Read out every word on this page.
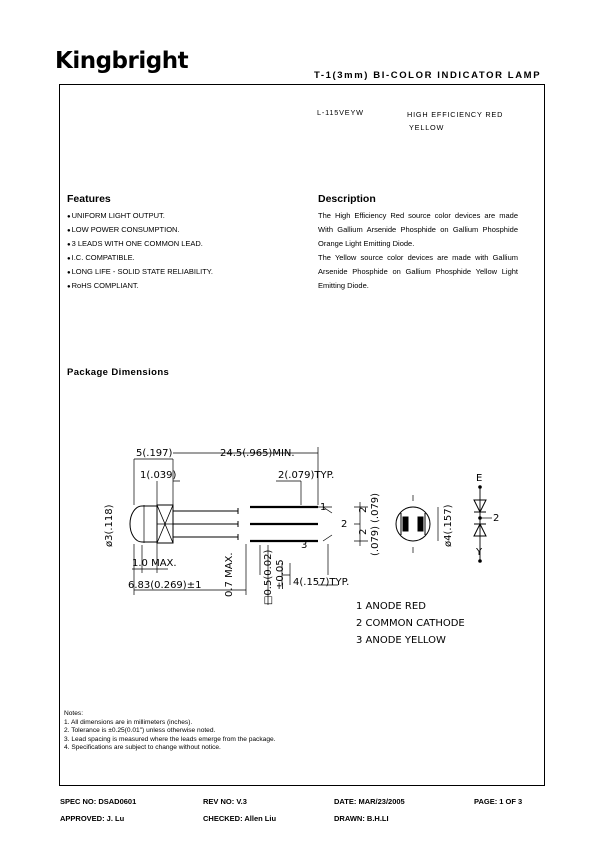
Kingbright
T-1(3mm) BI-COLOR INDICATOR LAMP
L-115VEYW	HIGH EFFICIENCY RED
YELLOW
Features
● UNIFORM LIGHT OUTPUT.
● LOW POWER CONSUMPTION.
● 3 LEADS WITH ONE COMMON LEAD.
● I.C. COMPATIBLE.
● LONG LIFE - SOLID STATE RELIABILITY.
● RoHS COMPLIANT.
Description

The High Efficiency Red source color devices are made With Gallium Arsenide Phosphide on Gallium Phosphide Orange Light Emitting Diode.

The Yellow source color devices are made with Gallium Arsenide Phosphide on Gallium Phosphide Yellow Light Emitting Diode.

Package Dimensions
5(.197)	24.5(.965)MIN.
1(.039)	2(.079)TYP.
ø3(.118)
1.0 MAX.
6.83(0.269)±1 0.7 MAX.	□0.5(0.02) ±0.05 4(.157)TYP.
2
2
(.079)
(.079)	ø4(.157)
1
2
3
E
Y
2
1 ANODE RED
2 COMMON CATHODE
3 ANODE YELLOW
Notes:
1. All dimensions are in millimeters (inches).
2. Tolerance is ±0.25(0.01") unless otherwise noted.
3. Lead spacing is measured where the leads emerge from the package.
4. Specifications are subject to change without notice.
SPEC NO: DSAD0601	REV NO: V.3	DATE: MAR/23/2005	PAGE: 1 OF 3
APPROVED: J. Lu	CHECKED: Allen Liu	DRAWN: B.H.LI
